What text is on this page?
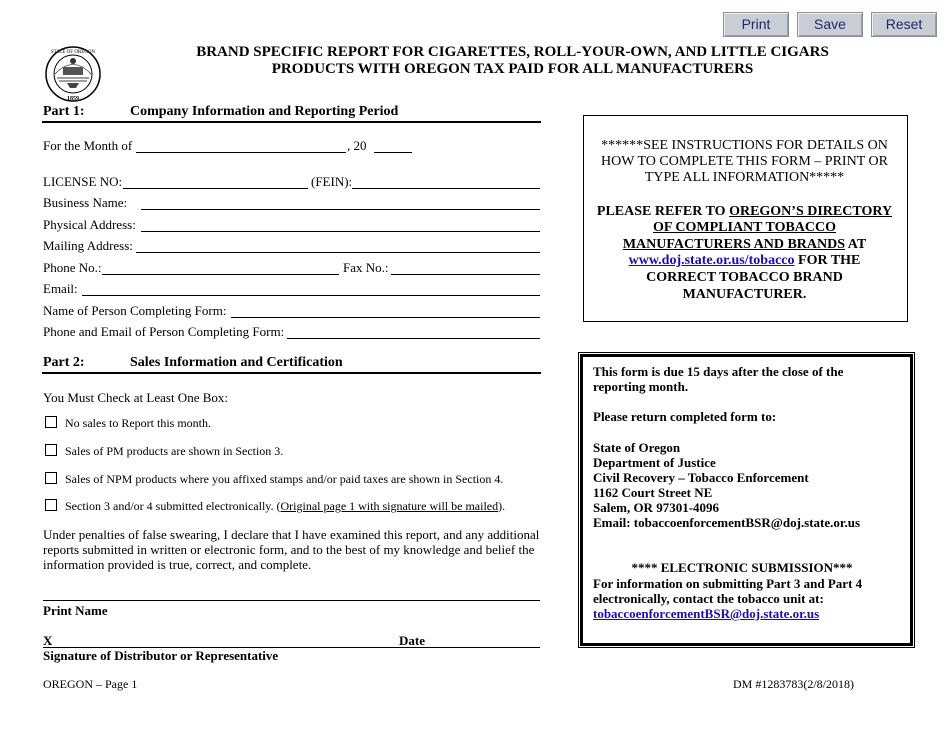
Print	Save	Reset
STATE OF OREGON
1859
BRAND SPECIFIC REPORT FOR CIGARETTES, ROLL-YOUR-OWN, AND LITTLE CIGARS
PRODUCTS WITH OREGON TAX PAID FOR ALL MANUFACTURERS
Part 1:	Company Information and Reporting Period
For the Month of	, 20
LICENSE NO:	(FEIN):
Business Name:
Physical Address:
Mailing Address:
Phone No.:	Fax No.:
Email:
Name of Person Completing Form:
Phone and Email of Person Completing Form:
Part 2:	Sales Information and Certification
You Must Check at Least One Box:
No sales to Report this month.
Sales of PM products are shown in Section 3.
Sales of NPM products where you affixed stamps and/or paid taxes are shown in Section 4.
Section 3 and/or 4 submitted electronically. (Original page 1 with signature will be mailed).
Under penalties of false swearing, I declare that I have examined this report, and any additional
reports submitted in written or electronic form, and to the best of my knowledge and belief the
information provided is true, correct, and complete.
Print Name
X	Date
Signature of Distributor or Representative
******SEE INSTRUCTIONS FOR DETAILS ON
HOW TO COMPLETE THIS FORM – PRINT OR
TYPE ALL INFORMATION*****
PLEASE REFER TO OREGON’S DIRECTORY
OF COMPLIANT TOBACCO
MANUFACTURERS AND BRANDS AT
www.doj.state.or.us/tobacco FOR THE
CORRECT TOBACCO BRAND
MANUFACTURER.
This form is due 15 days after the close of the
reporting month.
Please return completed form to:
State of Oregon
Department of Justice
Civil Recovery – Tobacco Enforcement
1162 Court Street NE
Salem, OR 97301-4096
Email: tobaccoenforcementBSR@doj.state.or.us
**** ELECTRONIC SUBMISSION***
For information on submitting Part 3 and Part 4
electronically, contact the tobacco unit at:
tobaccoenforcementBSR@doj.state.or.us
OREGON – Page 1	DM #1283783(2/8/2018)
